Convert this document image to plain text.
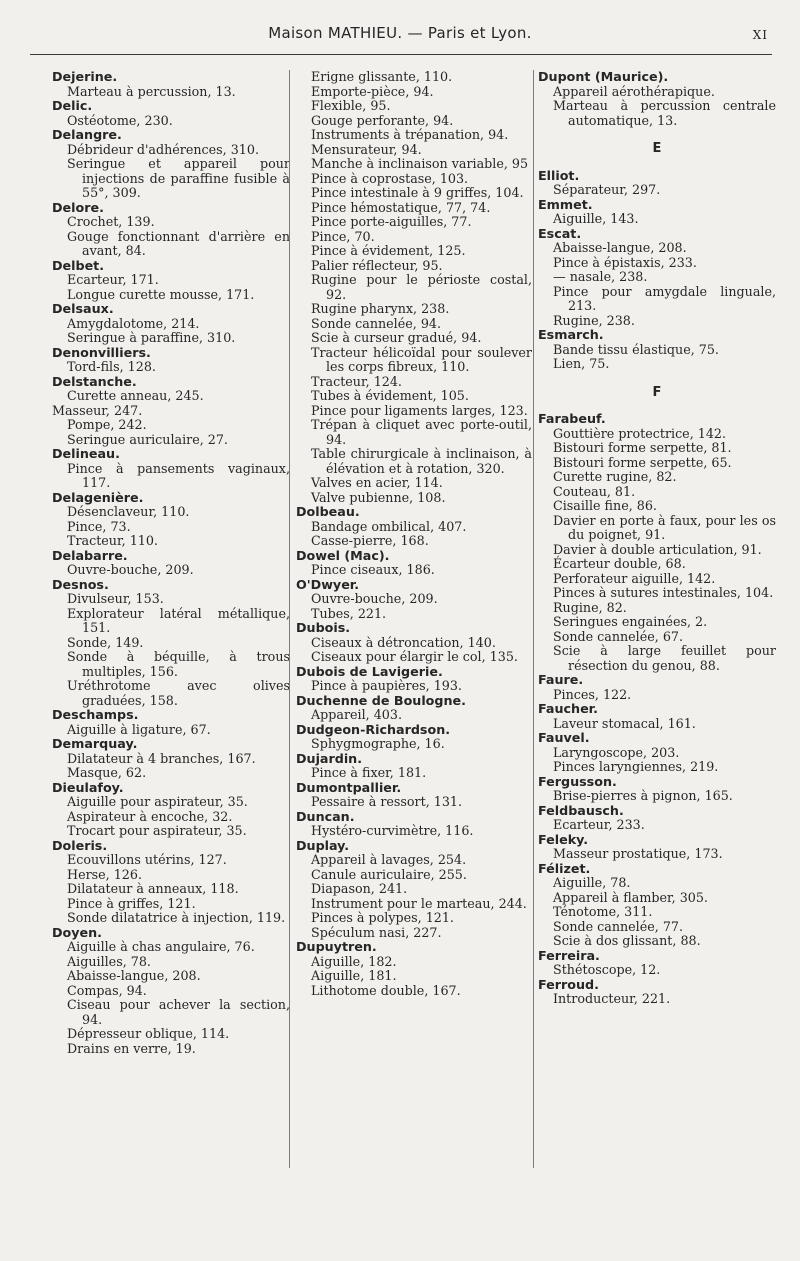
Maison MATHIEU. — Paris et Lyon.	XI
Dejerine.
Marteau à percussion, 13.
Delic.
Ostéotome, 230.
Delangre.
Débrideur d'adhérences, 310.
Seringue et appareil pour injections de paraffine fusible à 55°, 309.
Delore.
Crochet, 139.
Gouge fonctionnant d'arrière en avant, 84.
Delbet.
Ecarteur, 171.
Longue curette mousse, 171.
Delsaux.
Amygdalotome, 214.
Seringue à paraffine, 310.
Denonvilliers.
Tord-fils, 128.
Delstanche.
Curette anneau, 245.
Masseur, 247.
Pompe, 242.
Seringue auriculaire, 27.
Delineau.
Pince à pansements vaginaux, 117.
Delagenière.
Désenclaveur, 110.
Pince, 73.
Tracteur, 110.
Delabarre.
Ouvre-bouche, 209.
Desnos.
Divulseur, 153.
Explorateur latéral métallique, 151.
Sonde, 149.
Sonde à béquille, à trous multiples, 156.
Uréthrotome avec olives graduées, 158.
Deschamps.
Aiguille à ligature, 67.
Demarquay.
Dilatateur à 4 branches, 167.
Masque, 62.
Dieulafoy.
Aiguille pour aspirateur, 35.
Aspirateur à encoche, 32.
Trocart pour aspirateur, 35.
Doleris.
Ecouvillons utérins, 127.
Herse, 126.
Dilatateur à anneaux, 118.
Pince à griffes, 121.
Sonde dilatatrice à injection, 119.
Doyen.
Aiguille à chas angulaire, 76.
Aiguilles, 78.
Abaisse-langue, 208.
Compas, 94.
Ciseau pour achever la section, 94.
Dépresseur oblique, 114.
Drains en verre, 19.
Erigne glissante, 110.
Emporte-pièce, 94.
Flexible, 95.
Gouge perforante, 94.
Instruments à trépanation, 94.
Mensurateur, 94.
Manche à inclinaison variable, 95
Pince à coprostase, 103.
Pince intestinale à 9 griffes, 104.
Pince hémostatique, 77, 74.
Pince porte-aiguilles, 77.
Pince, 70.
Pince à évidement, 125.
Palier réflecteur, 95.
Rugine pour le périoste costal, 92.
Rugine pharynx, 238.
Sonde cannelée, 94.
Scie à curseur gradué, 94.
Tracteur hélicoïdal pour soulever les corps fibreux, 110.
Tracteur, 124.
Tubes à évidement, 105.
Pince pour ligaments larges, 123.
Trépan à cliquet avec porte-outil, 94.
Table chirurgicale à inclinaison, à élévation et à rotation, 320.
Valves en acier, 114.
Valve pubienne, 108.
Dolbeau.
Bandage ombilical, 407.
Casse-pierre, 168.
Dowel (Mac).
Pince ciseaux, 186.
O'Dwyer.
Ouvre-bouche, 209.
Tubes, 221.
Dubois.
Ciseaux à détroncation, 140.
Ciseaux pour élargir le col, 135.
Dubois de Lavigerie.
Pince à paupières, 193.
Duchenne de Boulogne.
Appareil, 403.
Dudgeon-Richardson.
Sphygmographe, 16.
Dujardin.
Pince à fixer, 181.
Dumontpallier.
Pessaire à ressort, 131.
Duncan.
Hystéro-curvimètre, 116.
Duplay.
Appareil à lavages, 254.
Canule auriculaire, 255.
Diapason, 241.
Instrument pour le marteau, 244.
Pinces à polypes, 121.
Spéculum nasi, 227.
Dupuytren.
Aiguille, 182.
Aiguille, 181.
Lithotome double, 167.
Dupont (Maurice).
Appareil aérothérapique.
Marteau à percussion centrale automatique, 13.
E
Elliot.
Séparateur, 297.
Emmet.
Aiguille, 143.
Escat.
Abaisse-langue, 208.
Pince à épistaxis, 233.
— nasale, 238.
Pince pour amygdale linguale, 213.
Rugine, 238.
Esmarch.
Bande tissu élastique, 75.
Lien, 75.
F
Farabeuf.
Gouttière protectrice, 142.
Bistouri forme serpette, 81.
Bistouri forme serpette, 65.
Curette rugine, 82.
Couteau, 81.
Cisaille fine, 86.
Davier en porte à faux, pour les os du poignet, 91.
Davier à double articulation, 91.
Écarteur double, 68.
Perforateur aiguille, 142.
Pinces à sutures intestinales, 104.
Rugine, 82.
Seringues engainées, 2.
Sonde cannelée, 67.
Scie à large feuillet pour résection du genou, 88.
Faure.
Pinces, 122.
Faucher.
Laveur stomacal, 161.
Fauvel.
Laryngoscope, 203.
Pinces laryngiennes, 219.
Fergusson.
Brise-pierres à pignon, 165.
Feldbausch.
Ecarteur, 233.
Feleky.
Masseur prostatique, 173.
Félizet.
Aiguille, 78.
Appareil à flamber, 305.
Ténotome, 311.
Sonde cannelée, 77.
Scie à dos glissant, 88.
Ferreira.
Sthétoscope, 12.
Ferroud.
Introducteur, 221.
